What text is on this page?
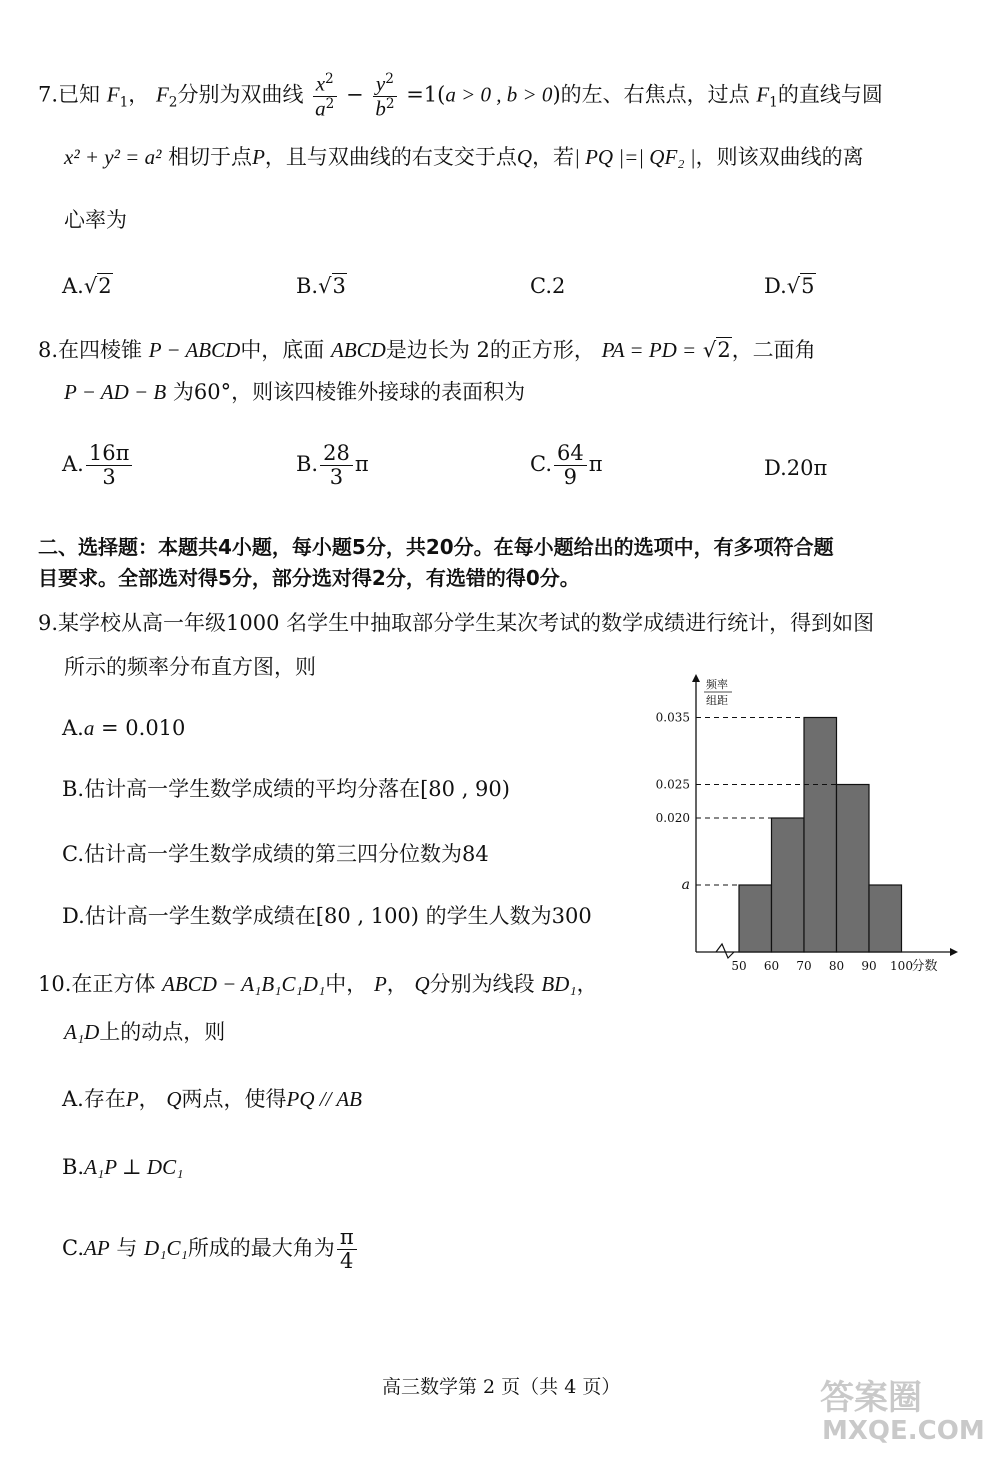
7.已知 $F_1$， $F_2$分别为双曲线 $\frac{x^2}{a^2} - \frac{y^2}{b^2} =1(a > 0$ , b > 0)的左、右焦点，过点 $F_1$的直线与圆
x² + y² = a² 相切于点P，且与双曲线的右支交于点Q，若| PQ |=| QF₂ |，则该双曲线的离
心率为
A.√2	B.√3	C.2	D.√5
8.在四棱锥 P − ABCD中，底面 ABCD是边长为 2的正方形， PA = PD = √2，二面角
P − AD − B 为60°，则该四棱锥外接球的表面积为
A. $\frac{16\pi}{3}$	B. $\frac{28}{3}$ π	C. $\frac{64}{9}$ π	D.20π
二、选择题：本题共4小题，每小题5分，共20分。在每小题给出的选项中，有多项符合题
目要求。全部选对得5分，部分选对得2分，有选错的得0分。
9.某学校从高一年级1000 名学生中抽取部分学生某次考试的数学成绩进行统计，得到如图
所示的频率分布直方图，则
A.a = 0.010
B.估计高一学生数学成绩的平均分落在[80 , 90)
C.估计高一学生数学成绩的第三四分位数为84
D.估计高一学生数学成绩在[80 , 100) 的学生人数为300
频率
组距
0.035
0.025
0.020
a
50 60 70 80 90 100
分数
10.在正方体 ABCD − A₁B₁C₁D₁中， P， Q分别为线段 BD₁，
A₁D上的动点，则
A.存在P， Q两点，使得PQ // AB
B.A₁P ⊥ DC₁
C.AP 与 D₁C₁所成的最大角为 $\frac{\pi}{4}$
高三数学第 2 页（共 4 页）	答案圈
MXQE.COM
